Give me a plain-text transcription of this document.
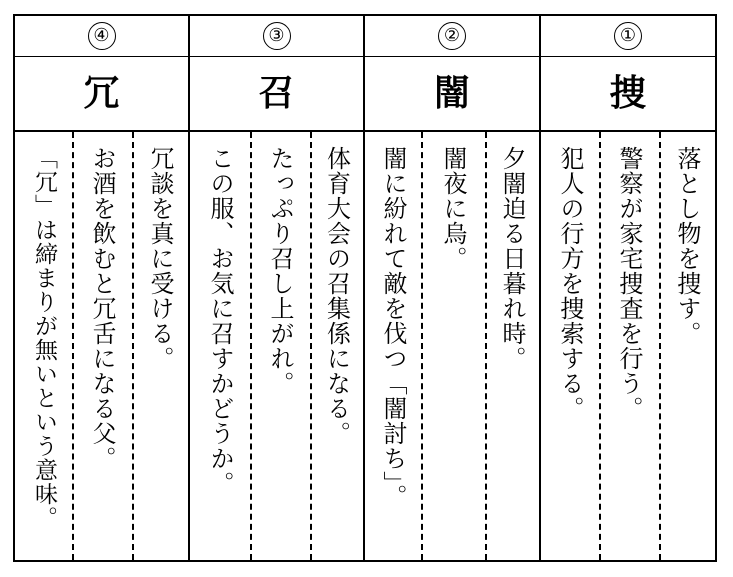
④
冗
「冗」は締まりが無いという意味。 お酒を飲むと冗舌になる父。 冗談を真に受ける。
③
召
この服、お気に召すかどうか。 たっぷり召し上がれ。 体育大会の召集係になる。
②
闇
闇に紛れて敵を伐つ「闇討ち」。 闇夜に烏。 夕闇迫る日暮れ時。
①
捜
犯人の行方を捜索する。 警察が家宅捜査を行う。 落とし物を捜す。
